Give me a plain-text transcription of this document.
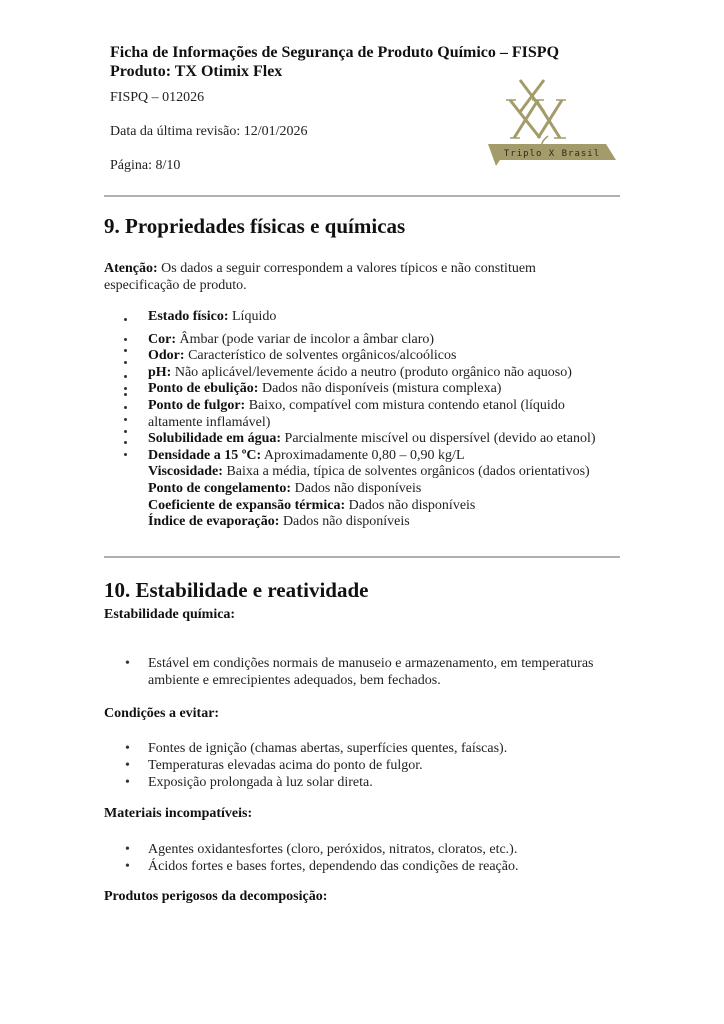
Ficha de Informações de Segurança de Produto Químico – FISPQ
Produto: TX Otimix Flex
FISPQ – 012026
Data da última revisão: 12/01/2026
Página: 8/10
Triplo X Brasil
9. Propriedades físicas e químicas
Atenção: Os dados a seguir correspondem a valores típicos e não constituem especificação de produto.
Estado físico: Líquido
Cor: Âmbar (pode variar de incolor a âmbar claro)
Odor: Característico de solventes orgânicos/alcoólicos
pH: Não aplicável/levemente ácido a neutro (produto orgânico não aquoso)
Ponto de ebulição: Dados não disponíveis (mistura complexa)
Ponto de fulgor: Baixo, compatível com mistura contendo etanol (líquido altamente inflamável)
Solubilidade em água: Parcialmente miscível ou dispersível (devido ao etanol)
Densidade a 15 ºC: Aproximadamente 0,80 – 0,90 kg/L
Viscosidade: Baixa a média, típica de solventes orgânicos (dados orientativos)
Ponto de congelamento: Dados não disponíveis
Coeficiente de expansão térmica: Dados não disponíveis
Índice de evaporação: Dados não disponíveis
10. Estabilidade e reatividade
Estabilidade química:
• Estável em condições normais de manuseio e armazenamento, em temperaturas ambiente e emrecipientes adequados, bem fechados.
Condições a evitar:
• Fontes de ignição (chamas abertas, superfícies quentes, faíscas).
• Temperaturas elevadas acima do ponto de fulgor.
• Exposição prolongada à luz solar direta.
Materiais incompatíveis:
• Agentes oxidantesfortes (cloro, peróxidos, nitratos, cloratos, etc.).
• Ácidos fortes e bases fortes, dependendo das condições de reação.
Produtos perigosos da decomposição:
